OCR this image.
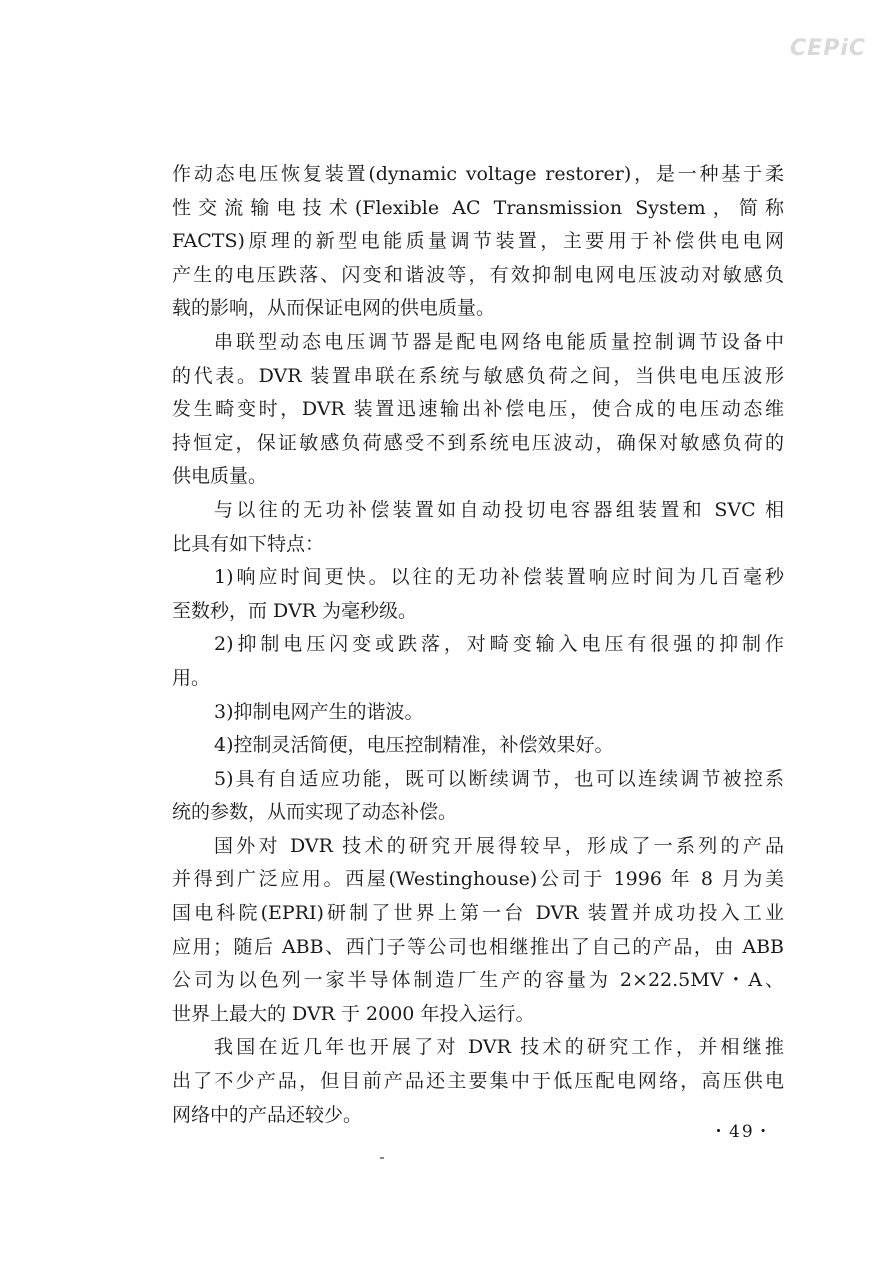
CEPiC
作动态电压恢复装置(dynamic voltage restorer)，是一种基于柔
性交流输电技术(Flexible AC Transmission System，简称
FACTS)原理的新型电能质量调节装置，主要用于补偿供电电网
产生的电压跌落、闪变和谐波等，有效抑制电网电压波动对敏感负
载的影响，从而保证电网的供电质量。
串联型动态电压调节器是配电网络电能质量控制调节设备中
的代表。DVR 装置串联在系统与敏感负荷之间，当供电电压波形
发生畸变时，DVR 装置迅速输出补偿电压，使合成的电压动态维
持恒定，保证敏感负荷感受不到系统电压波动，确保对敏感负荷的
供电质量。
与以往的无功补偿装置如自动投切电容器组装置和 SVC 相
比具有如下特点：
1)响应时间更快。以往的无功补偿装置响应时间为几百毫秒
至数秒，而 DVR 为毫秒级。
2)抑制电压闪变或跌落，对畸变输入电压有很强的抑制作
用。
3)抑制电网产生的谐波。
4)控制灵活简便，电压控制精准，补偿效果好。
5)具有自适应功能，既可以断续调节，也可以连续调节被控系
统的参数，从而实现了动态补偿。
国外对 DVR 技术的研究开展得较早，形成了一系列的产品
并得到广泛应用。西屋(Westinghouse)公司于 1996 年 8 月为美
国电科院(EPRI)研制了世界上第一台 DVR 装置并成功投入工业
应用；随后 ABB、西门子等公司也相继推出了自己的产品，由 ABB
公司为以色列一家半导体制造厂生产的容量为 2×22.5MV・A、
世界上最大的 DVR 于 2000 年投入运行。
我国在近几年也开展了对 DVR 技术的研究工作，并相继推
出了不少产品，但目前产品还主要集中于低压配电网络，高压供电
网络中的产品还较少。
・49・
